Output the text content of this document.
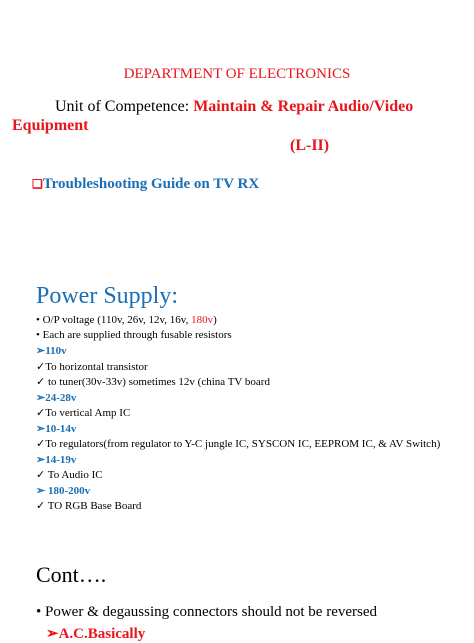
DEPARTMENT OF ELECTRONICS
Unit of Competence: Maintain & Repair Audio/Video
Equipment
(L-II)
❑Troubleshooting Guide on TV RX
Power Supply:
• O/P voltage (110v, 26v, 12v, 16v, 180v)
• Each are supplied through fusable resistors
➢110v
✓To horizontal transistor
✓ to tuner(30v-33v) sometimes 12v (china TV board
➢24-28v
✓To vertical Amp IC
➢10-14v
✓To regulators(from regulator to Y-C jungle IC, SYSCON IC, EEPROM IC, & AV Switch)
➢14-19v
✓ To Audio IC
➢ 180-200v
✓ TO RGB Base Board
Cont….
• Power & degaussing connectors should not be reversed
➢A.C.Basically
